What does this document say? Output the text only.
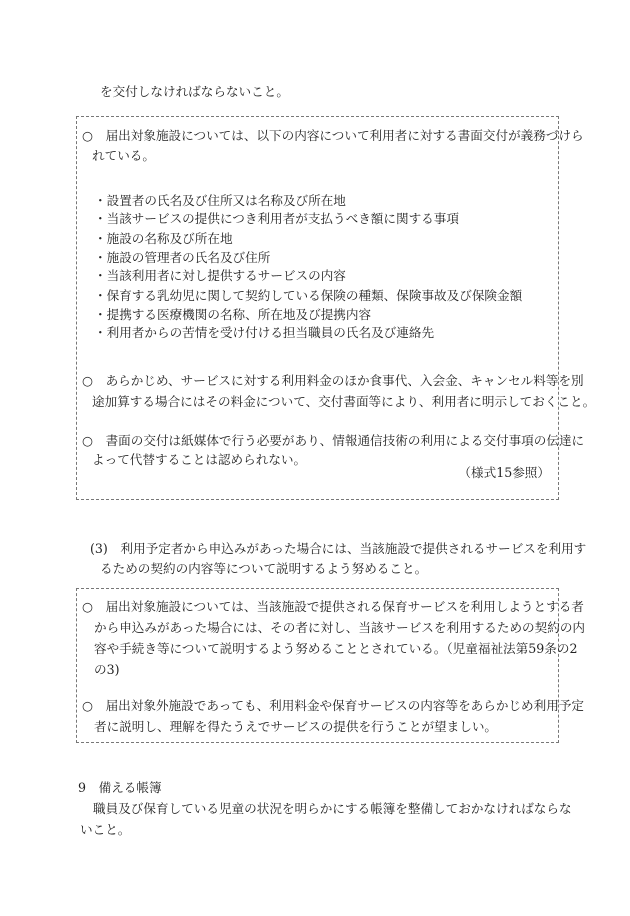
を交付しなければならないこと。
○　届出対象施設については、以下の内容について利用者に対する書面交付が義務づけら
れている。
・設置者の氏名及び住所又は名称及び所在地
・当該サービスの提供につき利用者が支払うべき額に関する事項
・施設の名称及び所在地
・施設の管理者の氏名及び住所
・当該利用者に対し提供するサービスの内容
・保育する乳幼児に関して契約している保険の種類、保険事故及び保険金額
・提携する医療機関の名称、所在地及び提携内容
・利用者からの苦情を受け付ける担当職員の氏名及び連絡先
○　あらかじめ、サービスに対する利用料金のほか食事代、入会金、キャンセル料等を別
途加算する場合にはその料金について、交付書面等により、利用者に明示しておくこと。
○　書面の交付は紙媒体で行う必要があり、情報通信技術の利用による交付事項の伝達に
よって代替することは認められない。
（様式15参照）
(3)　利用予定者から申込みがあった場合には、当該施設で提供されるサービスを利用す
るための契約の内容等について説明するよう努めること。
○　届出対象施設については、当該施設で提供される保育サービスを利用しようとする者
から申込みがあった場合には、その者に対し、当該サービスを利用するための契約の内
容や手続き等について説明するよう努めることとされている。（児童福祉法第59条の2
の3)
○　届出対象外施設であっても、利用料金や保育サービスの内容等をあらかじめ利用予定
者に説明し、理解を得たうえでサービスの提供を行うことが望ましい。
9　備える帳簿
職員及び保育している児童の状況を明らかにする帳簿を整備しておかなければならな
いこと。
